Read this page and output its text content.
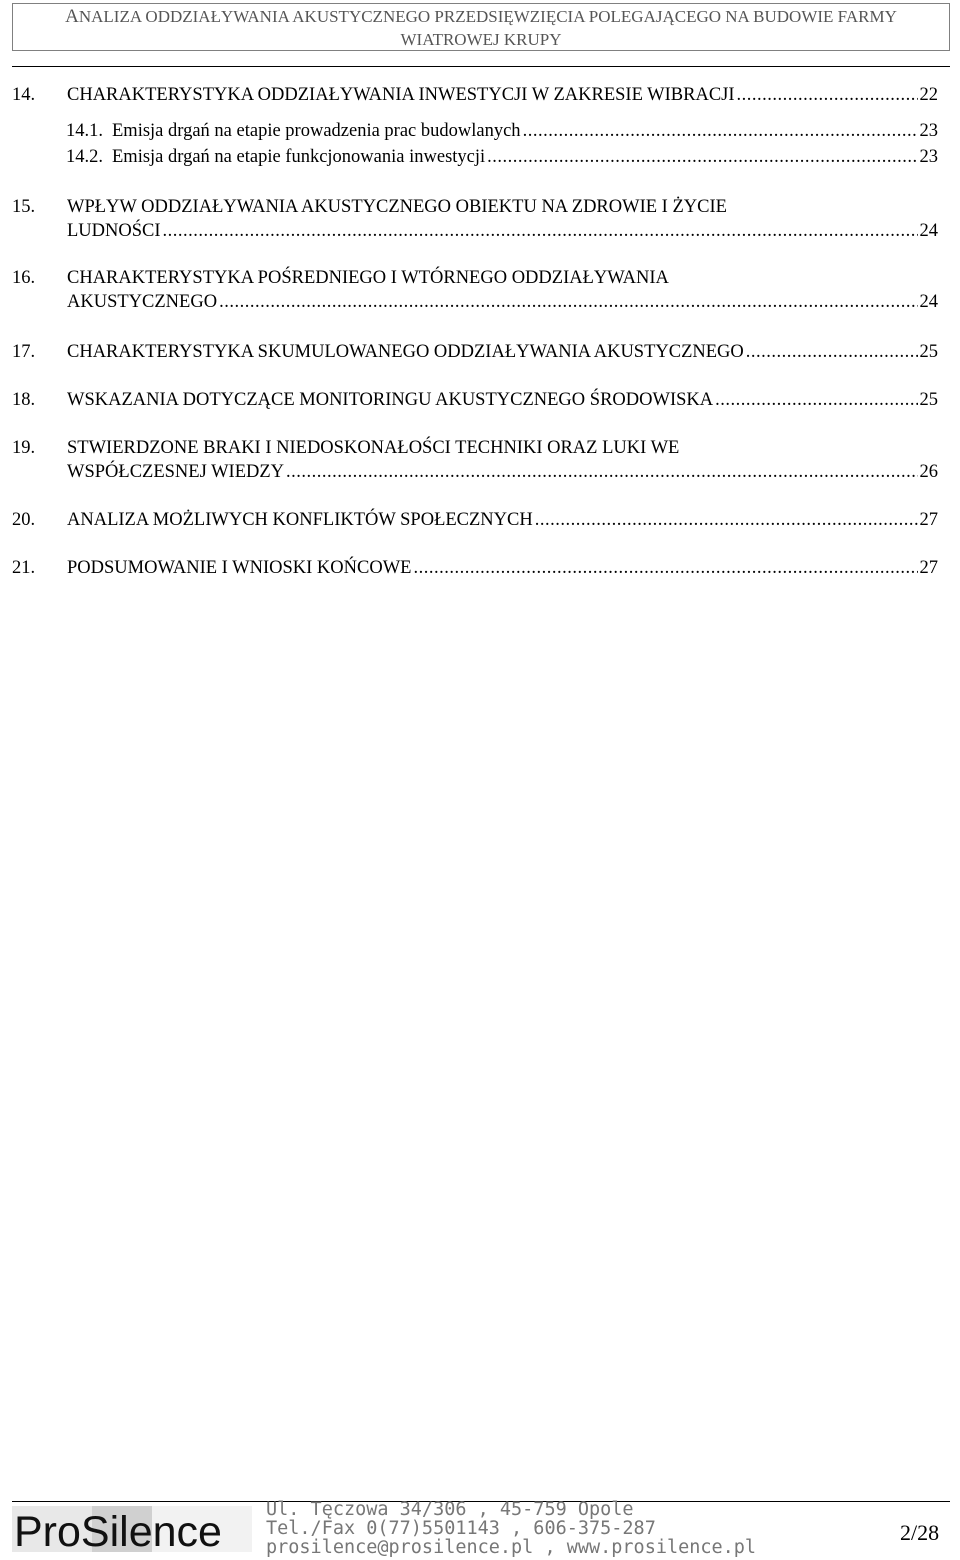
ANALIZA ODDZIAŁYWANIA AKUSTYCZNEGO PRZEDSIĘWZIĘCIA POLEGAJĄCEGO NA BUDOWIE FARMY
WIATROWEJ KRUPY
14. CHARAKTERYSTYKA ODDZIAŁYWANIA INWESTYCJI W ZAKRESIE WIBRACJI .....	22
14.1. Emisja drgań na etapie prowadzenia prac budowlanych .....	23
14.2. Emisja drgań na etapie funkcjonowania inwestycji .....	23
15. WPŁYW ODDZIAŁYWANIA AKUSTYCZNEGO OBIEKTU NA ZDROWIE I ŻYCIE
LUDNOŚCI .....	24
16. CHARAKTERYSTYKA POŚREDNIEGO I WTÓRNEGO ODDZIAŁYWANIA
AKUSTYCZNEGO .....	24
17. CHARAKTERYSTYKA SKUMULOWANEGO ODDZIAŁYWANIA AKUSTYCZNEGO .....	25
18. WSKAZANIA DOTYCZĄCE MONITORINGU AKUSTYCZNEGO ŚRODOWISKA .....	25
19. STWIERDZONE BRAKI I NIEDOSKONAŁOŚCI TECHNIKI ORAZ LUKI WE
WSPÓŁCZESNEJ WIEDZY .....	26
20. ANALIZA MOŻLIWYCH KONFLIKTÓW SPOŁECZNYCH .....	27
21. PODSUMOWANIE I WNIOSKI KOŃCOWE .....	27
ProSilence Ul. Tęczowa 34/306 , 45-759 Opole
Tel./Fax 0(77)5501143 , 606-375-287
prosilence@prosilence.pl , www.prosilence.pl
2/28
